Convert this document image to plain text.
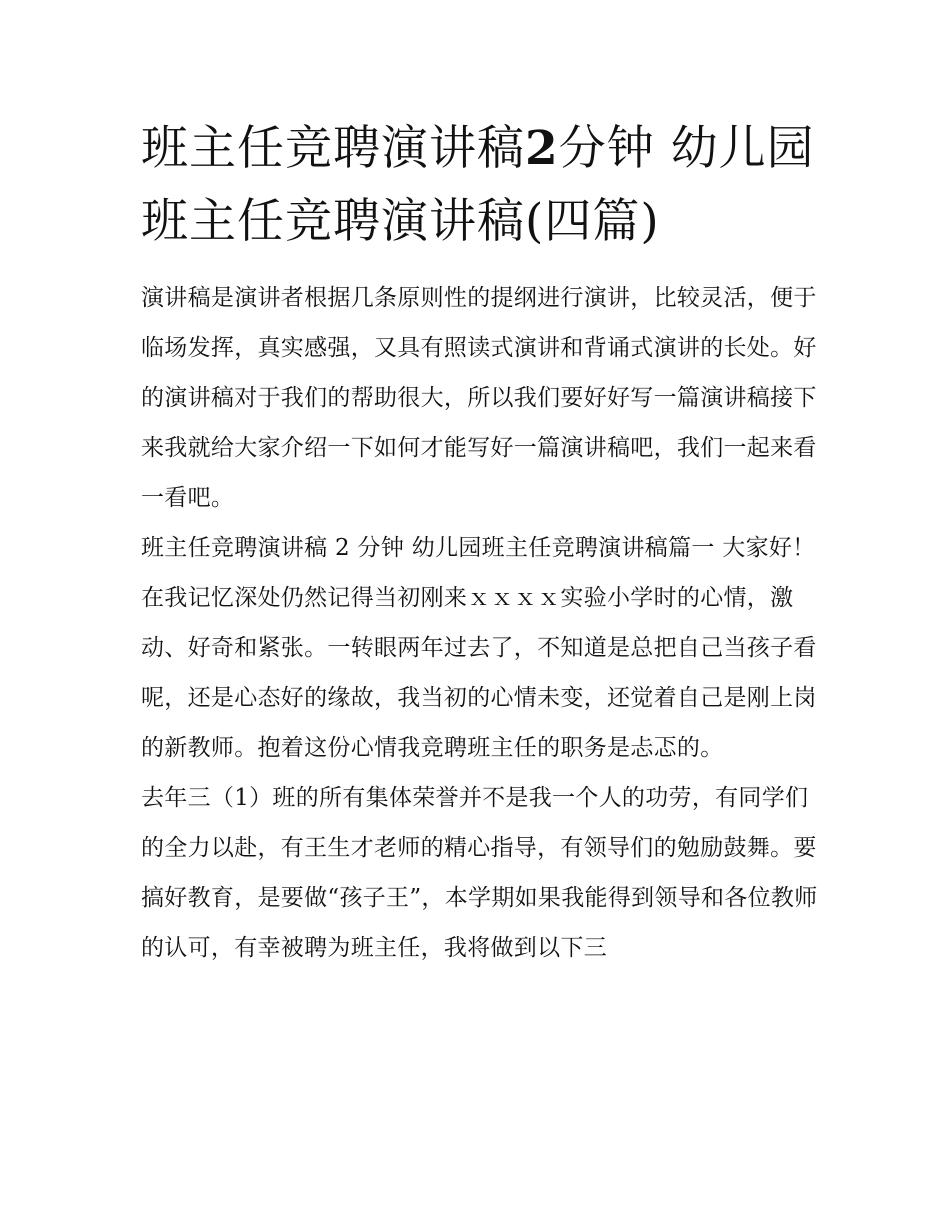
班主任竞聘演讲稿2分钟 幼儿园班主任竞聘演讲稿(四篇)

演讲稿是演讲者根据几条原则性的提纲进行演讲，比较灵活，便于临场发挥，真实感强，又具有照读式演讲和背诵式演讲的长处。好的演讲稿对于我们的帮助很大，所以我们要好好写一篇演讲稿接下来我就给大家介绍一下如何才能写好一篇演讲稿吧，我们一起来看一看吧。

班主任竞聘演讲稿 2 分钟 幼儿园班主任竞聘演讲稿篇一 大家好！

在我记忆深处仍然记得当初刚来ｘｘｘｘ实验小学时的心情，激动、好奇和紧张。一转眼两年过去了，不知道是总把自己当孩子看呢，还是心态好的缘故，我当初的心情未变，还觉着自己是刚上岗的新教师。抱着这份心情我竞聘班主任的职务是忐忑的。

去年三（1）班的所有集体荣誉并不是我一个人的功劳，有同学们的全力以赴，有王生才老师的精心指导，有领导们的勉励鼓舞。要搞好教育，是要做“孩子王”，本学期如果我能得到领导和各位教师的认可，有幸被聘为班主任，我将做到以下三
